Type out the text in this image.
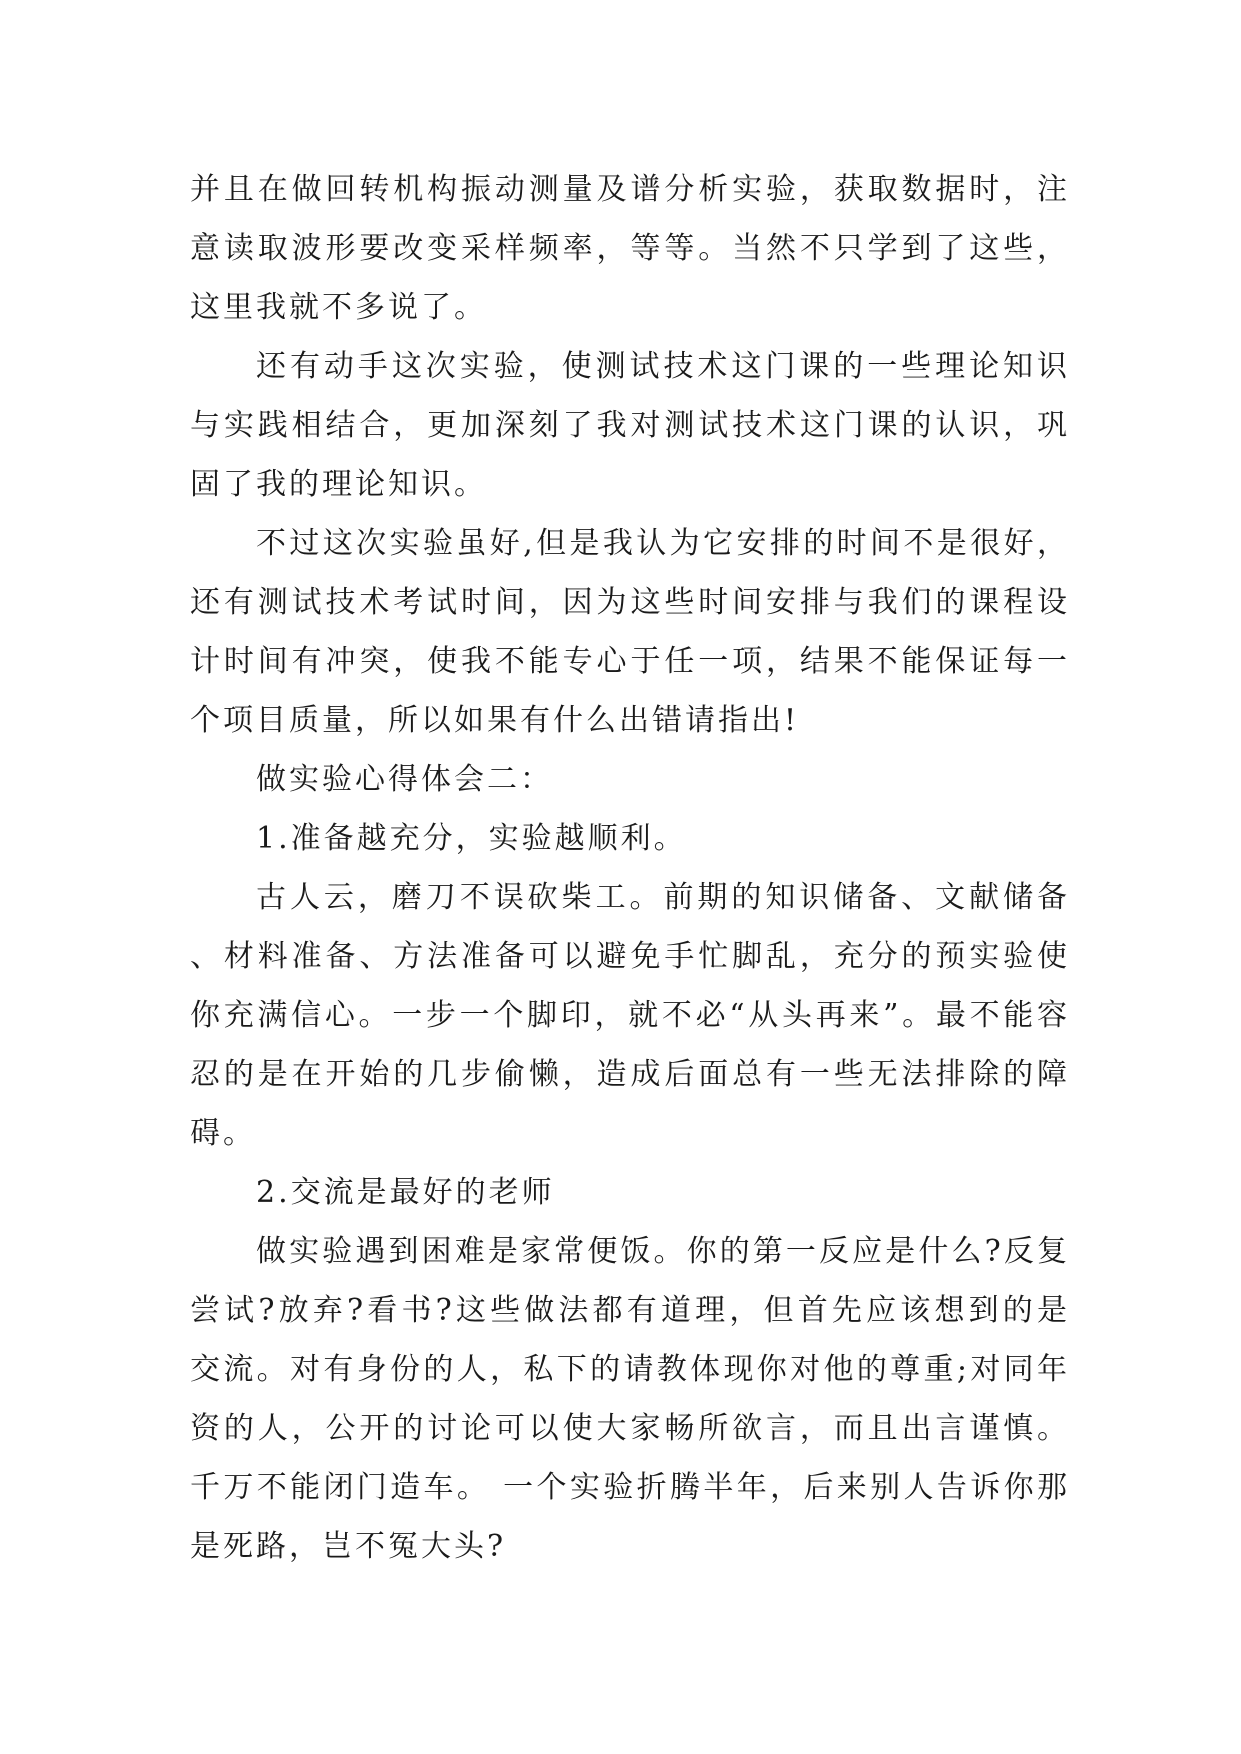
并且在做回转机构振动测量及谱分析实验，获取数据时，注意读取波形要改变采样频率，等等。当然不只学到了这些，这里我就不多说了。

还有动手这次实验，使测试技术这门课的一些理论知识与实践相结合，更加深刻了我对测试技术这门课的认识，巩固了我的理论知识。

不过这次实验虽好,但是我认为它安排的时间不是很好，还有测试技术考试时间，因为这些时间安排与我们的课程设计时间有冲突，使我不能专心于任一项，结果不能保证每一个项目质量，所以如果有什么出错请指出!

做实验心得体会二：

1.准备越充分，实验越顺利。

古人云，磨刀不误砍柴工。前期的知识储备、文献储备、材料准备、方法准备可以避免手忙脚乱，充分的预实验使你充满信心。一步一个脚印，就不必“从头再来”。最不能容忍的是在开始的几步偷懒，造成后面总有一些无法排除的障碍。

2.交流是最好的老师

做实验遇到困难是家常便饭。你的第一反应是什么?反复尝试?放弃?看书?这些做法都有道理，但首先应该想到的是交流。对有身份的人，私下的请教体现你对他的尊重;对同年资的人，公开的讨论可以使大家畅所欲言，而且出言谨慎。千万不能闭门造车。 一个实验折腾半年，后来别人告诉你那是死路，岂不冤大头?
